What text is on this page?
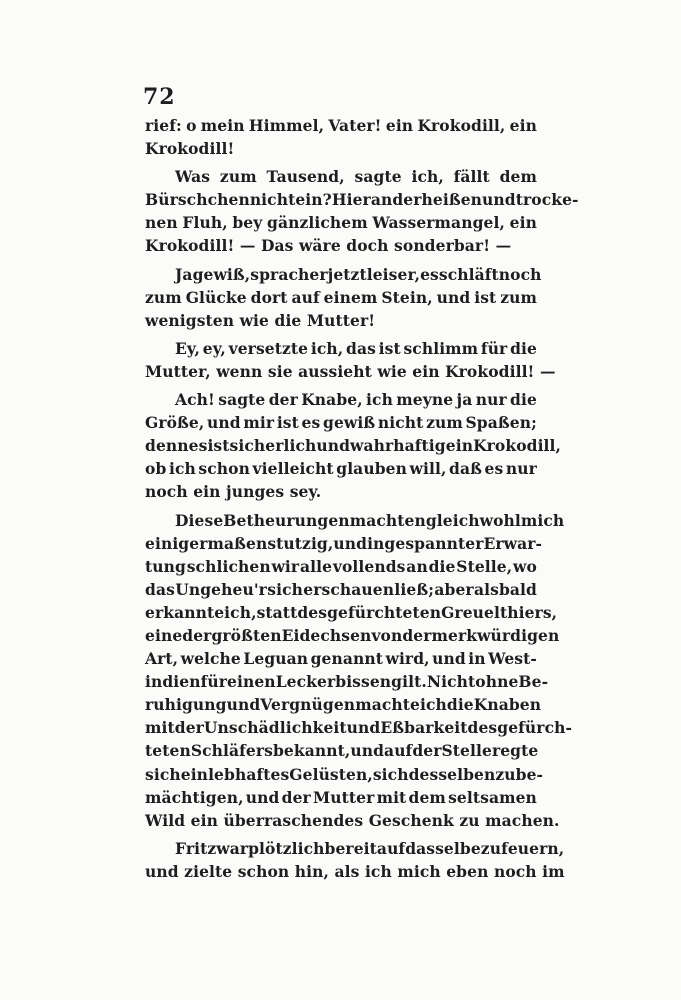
72
rief: o mein Himmel, Vater! ein Krokodill, ein
Krokodill!
Was zum Tausend, sagte ich, fällt dem
Bürschchen nicht ein? Hier an der heißen und trocke-
nen Fluh, bey gänzlichem Wassermangel, ein
Krokodill! — Das wäre doch sonderbar! —
Ja gewiß, sprach er jetzt leiser, es schläft noch
zum Glücke dort auf einem Stein, und ist zum
wenigsten wie die Mutter!
Ey, ey, versetzte ich, das ist schlimm für die
Mutter, wenn sie aussieht wie ein Krokodill! —
Ach! sagte der Knabe, ich meyne ja nur die
Größe, und mir ist es gewiß nicht zum Spaßen;
denn es ist sicherlich und wahrhaftig ein Krokodill,
ob ich schon vielleicht glauben will, daß es nur
noch ein junges sey.
Diese Betheurungen machten gleichwohl mich
einigermaßen stutzig, und in gespannter Erwar-
tung schlichen wir alle vollends an die Stelle, wo
das Ungeheu'r sich erschauen ließ; aber alsbald
erkannte ich, statt des gefürchteten Greuelthiers,
eine der größten Eidechsen von der merkwürdigen
Art, welche Leguan genannt wird, und in West-
indien für einen Leckerbissen gilt. Nicht ohne Be-
ruhigung und Vergnügen machte ich die Knaben
mit der Unschädlichkeit und Eßbarkeit des gefürch-
teten Schläfers bekannt, und auf der Stelle regte
sich ein lebhaftes Gelüsten, sich desselben zu be-
mächtigen, und der Mutter mit dem seltsamen
Wild ein überraschendes Geschenk zu machen.
Fritz war plötzlich bereit auf dasselbe zu feuern,
und zielte schon hin, als ich mich eben noch im
